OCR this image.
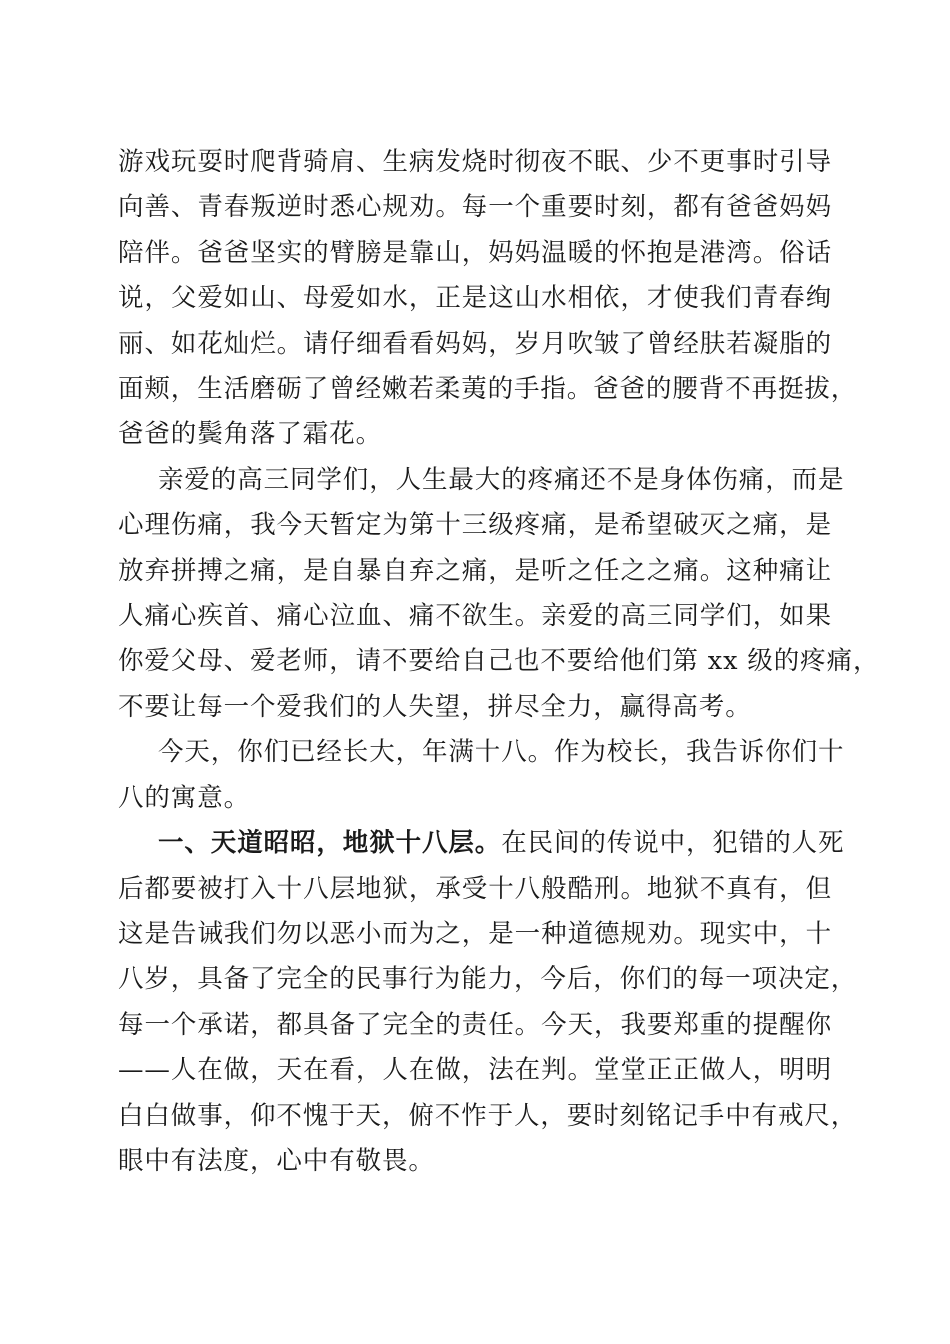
游戏玩耍时爬背骑肩、生病发烧时彻夜不眠、少不更事时引导
向善、青春叛逆时悉心规劝。每一个重要时刻，都有爸爸妈妈
陪伴。爸爸坚实的臂膀是靠山，妈妈温暖的怀抱是港湾。俗话
说，父爱如山、母爱如水，正是这山水相依，才使我们青春绚
丽、如花灿烂。请仔细看看妈妈，岁月吹皱了曾经肤若凝脂的
面颊，生活磨砺了曾经嫩若柔荑的手指。爸爸的腰背不再挺拔，
爸爸的鬓角落了霜花。
亲爱的高三同学们，人生最大的疼痛还不是身体伤痛，而是
心理伤痛，我今天暂定为第十三级疼痛，是希望破灭之痛，是
放弃拼搏之痛，是自暴自弃之痛，是听之任之之痛。这种痛让
人痛心疾首、痛心泣血、痛不欲生。亲爱的高三同学们，如果
你爱父母、爱老师，请不要给自己也不要给他们第 xx 级的疼痛，
不要让每一个爱我们的人失望，拼尽全力，赢得高考。
今天，你们已经长大，年满十八。作为校长，我告诉你们十
八的寓意。
一、天道昭昭，地狱十八层。在民间的传说中，犯错的人死
后都要被打入十八层地狱，承受十八般酷刑。地狱不真有，但
这是告诫我们勿以恶小而为之，是一种道德规劝。现实中，十
八岁，具备了完全的民事行为能力，今后，你们的每一项决定，
每一个承诺，都具备了完全的责任。今天，我要郑重的提醒你
——人在做，天在看，人在做，法在判。堂堂正正做人，明明
白白做事，仰不愧于天，俯不怍于人，要时刻铭记手中有戒尺，
眼中有法度，心中有敬畏。
